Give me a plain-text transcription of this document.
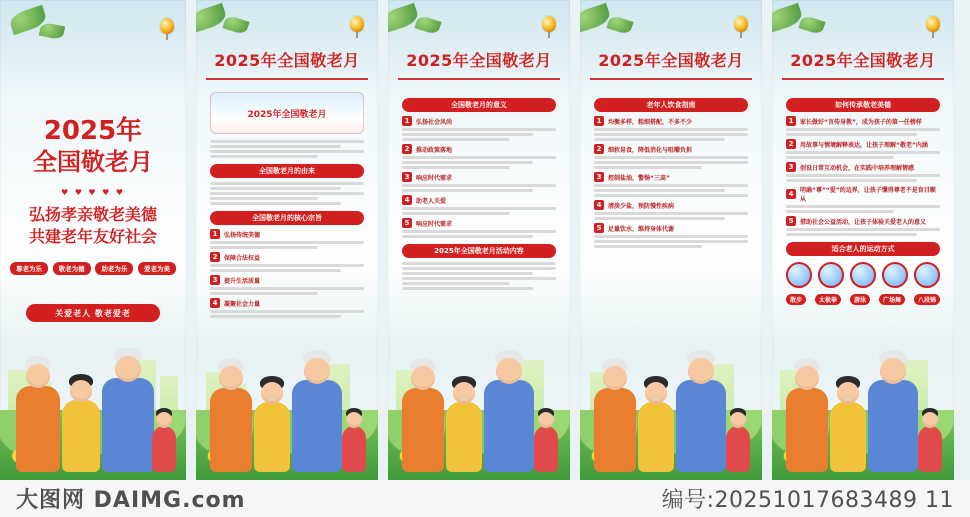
2025年
全国敬老月
♥ ♥ ♥ ♥ ♥
弘扬孝亲敬老美德
共建老年友好社会
尊老为乐	敬老为德	助老为乐	爱老为美
关爱老人 敬老爱老
2025年全国敬老月
2025年全国敬老月
全国敬老月的由来
全国敬老月的核心宗旨
1	弘扬传统美德
2	保障合法权益
3	提升生活质量
4	凝聚社会力量
2025年全国敬老月
全国敬老月的意义
1	弘扬社会风尚
2	推动政策落地
3	响应时代需求
4	助老人关爱
5	响应时代需求
2025年全国敬老月活动内容
2025年全国敬老月
老年人饮食指南
1	均衡多样，粗细搭配，不多不少
2	细软易食，降低消化与咀嚼负担
3	控制盐油，警惕“三高”
4	清淡少盐，预防慢性疾病
5	足量饮水，维持身体代谢
2025年全国敬老月
如何传承敬老美德
1	家长做好“言传身教”，成为孩子的第一任榜样
2	用故事与情境解释表达，让孩子理解“敬老”内涵
3	创设日常互动机会，在实践中培养理解情感
4	明确“尊”“爱”的边界，让孩子懂得尊老不是盲目顺从
5	借助社会公益活动，让孩子体验关爱老人的意义
适合老人的运动方式
散步	太极拳	游泳	广场舞	八段锦
大图网 DAIMG.com	编号:20251017683489 11
